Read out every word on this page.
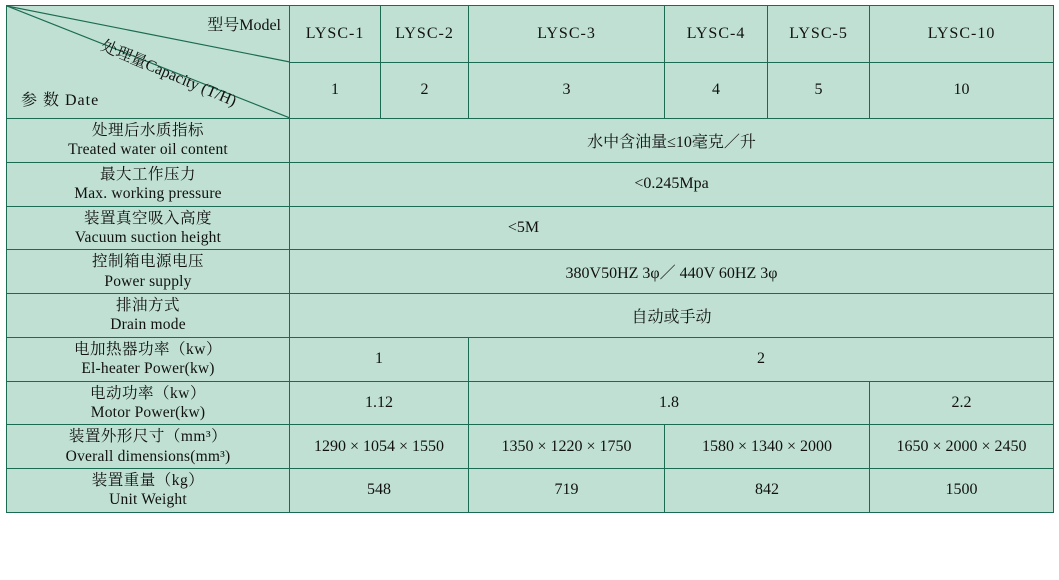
型号Model
处理量Capacity (T/H)
参 数 Date	LYSC-1	LYSC-2	LYSC-3	LYSC-4	LYSC-5	LYSC-10
	1	2	3	4	5	10

处理后水质指标
Treated water oil content	水中含油量≤10毫克／升					

最大工作压力
Max. working pressure	<0.245Mpa					

装置真空吸入高度
Vacuum suction height	<5M					

控制箱电源电压
Power supply	380V50HZ 3φ／ 440V 60HZ 3φ					

排油方式
Drain mode	自动或手动					

电加热器功率（kw）
El-heater Power(kw)	1		2			

电动功率（kw）
Motor Power(kw)	1.12		1.8			2.2

装置外形尺寸（mm³）
Overall dimensions(mm³)	1290 × 1054 × 1550		1350 × 1220 × 1750	1580 × 1340 × 2000		1650 × 2000 × 2450

装置重量（kg）
Unit Weight	548		719	842		1500
